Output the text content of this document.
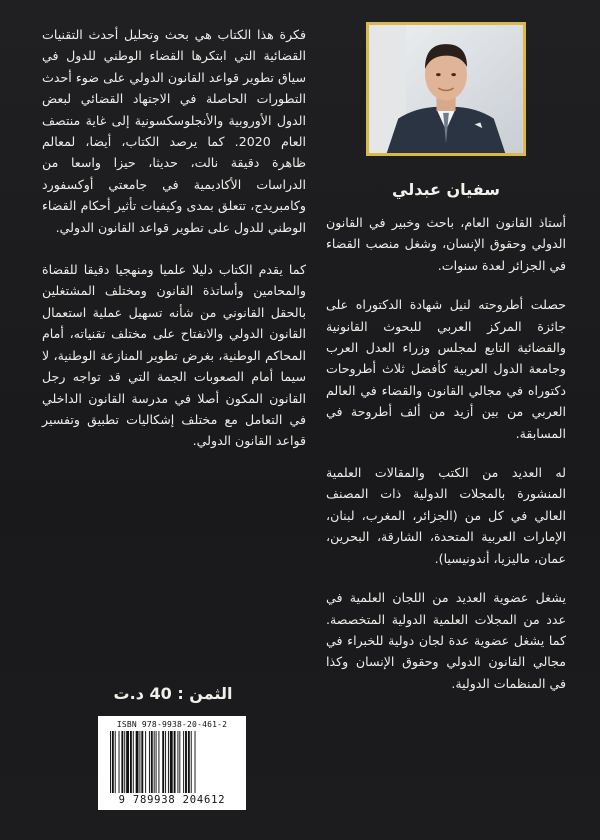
فكرة هذا الكتاب هي بحث وتحليل أحدث التقنيات القضائية التي ابتكرها القضاء الوطني للدول في سياق تطوير قواعد القانون الدولي على ضوء أحدث التطورات الحاصلة في الاجتهاد القضائي لبعض الدول الأوروبية والأنجلوسكسونية إلى غاية منتصف العام 2020. كما يرصد الكتاب، أيضا، لمعالم ظاهرة دقيقة نالت، حديثا، حيزا واسعا من الدراسات الأكاديمية في جامعتي أوكسفورد وكامبريدج، تتعلق بمدى وكيفيات تأثير أحكام القضاء الوطني للدول على تطوير قواعد القانون الدولي.

كما يقدم الكتاب دليلا علميا ومنهجيا دقيقا للقضاة والمحامين وأساتذة القانون ومختلف المشتغلين بالحقل القانوني من شأنه تسهيل عملية استعمال القانون الدولي والانفتاح على مختلف تقنياته، أمام المحاكم الوطنية، بغرض تطوير المنازعة الوطنية، لا سيما أمام الصعوبات الجمة التي قد تواجه رجل القانون المكون أصلا في مدرسة القانون الداخلي في التعامل مع مختلف إشكاليات تطبيق وتفسير قواعد القانون الدولي.

سفيان عبدلي

أستاذ القانون العام، باحث وخبير في القانون الدولي وحقوق الإنسان، وشغل منصب القضاء في الجزائر لعدة سنوات.

حصلت أطروحته لنيل شهادة الدكتوراه على جائزة المركز العربي للبحوث القانونية والقضائية التابع لمجلس وزراء العدل العرب وجامعة الدول العربية كأفضل ثلاث أطروحات دكتوراه في مجالي القانون والقضاء في العالم العربي من بين أزيد من ألف أطروحة في المسابقة.

له العديد من الكتب والمقالات العلمية المنشورة بالمجلات الدولية ذات المصنف العالي في كل من (الجزائر، المغرب، لبنان، الإمارات العربية المتحدة، الشارقة، البحرين، عمان، ماليزيا، أندونيسيا).

يشغل عضوية العديد من اللجان العلمية في عدد من المجلات العلمية الدولية المتخصصة. كما يشغل عضوية عدة لجان دولية للخبراء في مجالي القانون الدولي وحقوق الإنسان وكذا في المنظمات الدولية.

الثمن : 40 د.ت
ISBN 978-9938-20-461-2
9 789938 204612
